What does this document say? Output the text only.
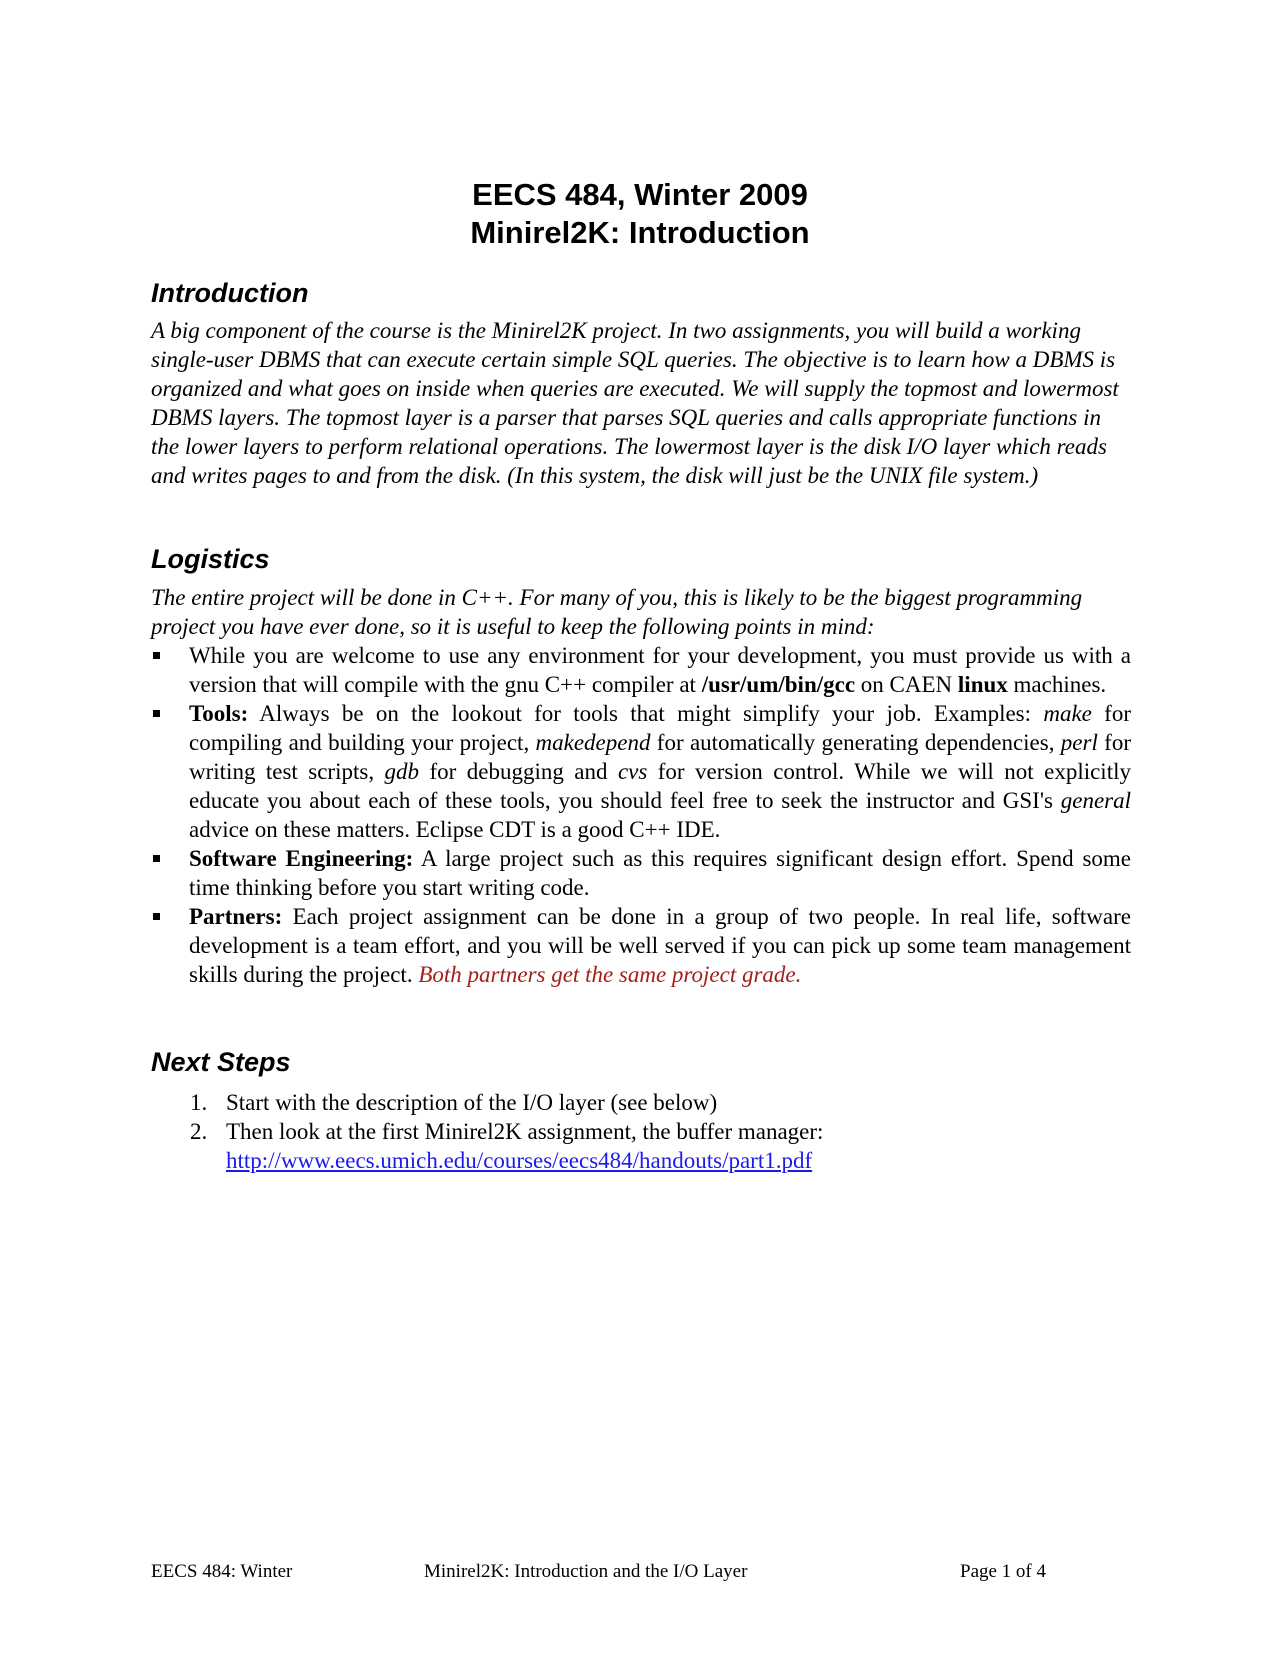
EECS 484, Winter 2009
Minirel2K: Introduction
Introduction

A big component of the course is the Minirel2K project. In two assignments, you will build a working single-user DBMS that can execute certain simple SQL queries. The objective is to learn how a DBMS is organized and what goes on inside when queries are executed. We will supply the topmost and lowermost DBMS layers. The topmost layer is a parser that parses SQL queries and calls appropriate functions in the lower layers to perform relational operations. The lowermost layer is the disk I/O layer which reads and writes pages to and from the disk. (In this system, the disk will just be the UNIX file system.)

Logistics

The entire project will be done in C++. For many of you, this is likely to be the biggest programming project you have ever done, so it is useful to keep the following points in mind:

While you are welcome to use any environment for your development, you must provide us with a version that will compile with the gnu C++ compiler at /usr/um/bin/gcc on CAEN linux machines.
Tools: Always be on the lookout for tools that might simplify your job. Examples: make for compiling and building your project, makedepend for automatically generating dependencies, perl for writing test scripts, gdb for debugging and cvs for version control. While we will not explicitly educate you about each of these tools, you should feel free to seek the instructor and GSI's general advice on these matters. Eclipse CDT is a good C++ IDE.
Software Engineering: A large project such as this requires significant design effort. Spend some time thinking before you start writing code.
Partners: Each project assignment can be done in a group of two people. In real life, software development is a team effort, and you will be well served if you can pick up some team management skills during the project. Both partners get the same project grade.
Next Steps
1. Start with the description of the I/O layer (see below)
2. Then look at the first Minirel2K assignment, the buffer manager:
http://www.eecs.umich.edu/courses/eecs484/handouts/part1.pdf
EECS 484: Winter	Minirel2K: Introduction and the I/O Layer	Page 1 of 4
